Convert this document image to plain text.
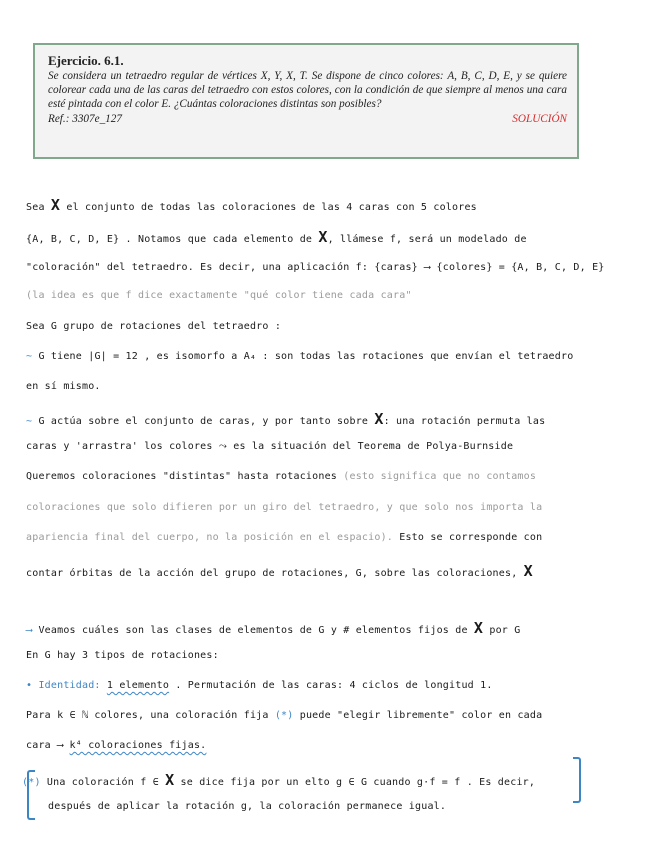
Ejercicio. 6.1.
Se considera un tetraedro regular de vértices X, Y, X, T. Se dispone de cinco colores: A, B, C, D, E, y se quiere colorear cada una de las caras del tetraedro con estos colores, con la condición de que siempre al menos una cara esté pintada con el color E. ¿Cuántas coloraciones distintas son posibles?
Ref.: 3307e_127	SOLUCIÓN
Sea X el conjunto de todas las coloraciones de las 4 caras con 5 colores
{A, B, C, D, E} . Notamos que cada elemento de X, llámese f, será un modelado de
"coloración" del tetraedro. Es decir, una aplicación f: {caras} ⟶ {colores} = {A, B, C, D, E}
(la idea es que f dice exactamente "qué color tiene cada cara"
Sea G grupo de rotaciones del tetraedro :
~ G tiene |G| = 12 , es isomorfo a A₄ : son todas las rotaciones que envían el tetraedro
en sí mismo.
~ G actúa sobre el conjunto de caras, y por tanto sobre X: una rotación permuta las
caras y 'arrastra' los colores ⤳ es la situación del Teorema de Polya-Burnside
Queremos coloraciones "distintas" hasta rotaciones (esto significa que no contamos
coloraciones que solo difieren por un giro del tetraedro, y que solo nos importa la
apariencia final del cuerpo, no la posición en el espacio). Esto se corresponde con
contar órbitas de la acción del grupo de rotaciones, G, sobre las coloraciones, X
⟶ Veamos cuáles son las clases de elementos de G y # elementos fijos de X por G
En G hay 3 tipos de rotaciones:
• Identidad: 1 elemento . Permutación de las caras: 4 ciclos de longitud 1.
Para k ∈ ℕ colores, una coloración fija (*) puede "elegir libremente" color en cada
cara ⟶ k⁴ coloraciones fijas.
(*) Una coloración f ∈ X se dice fija por un elto g ∈ G cuando g·f = f . Es decir,
después de aplicar la rotación g, la coloración permanece igual.
